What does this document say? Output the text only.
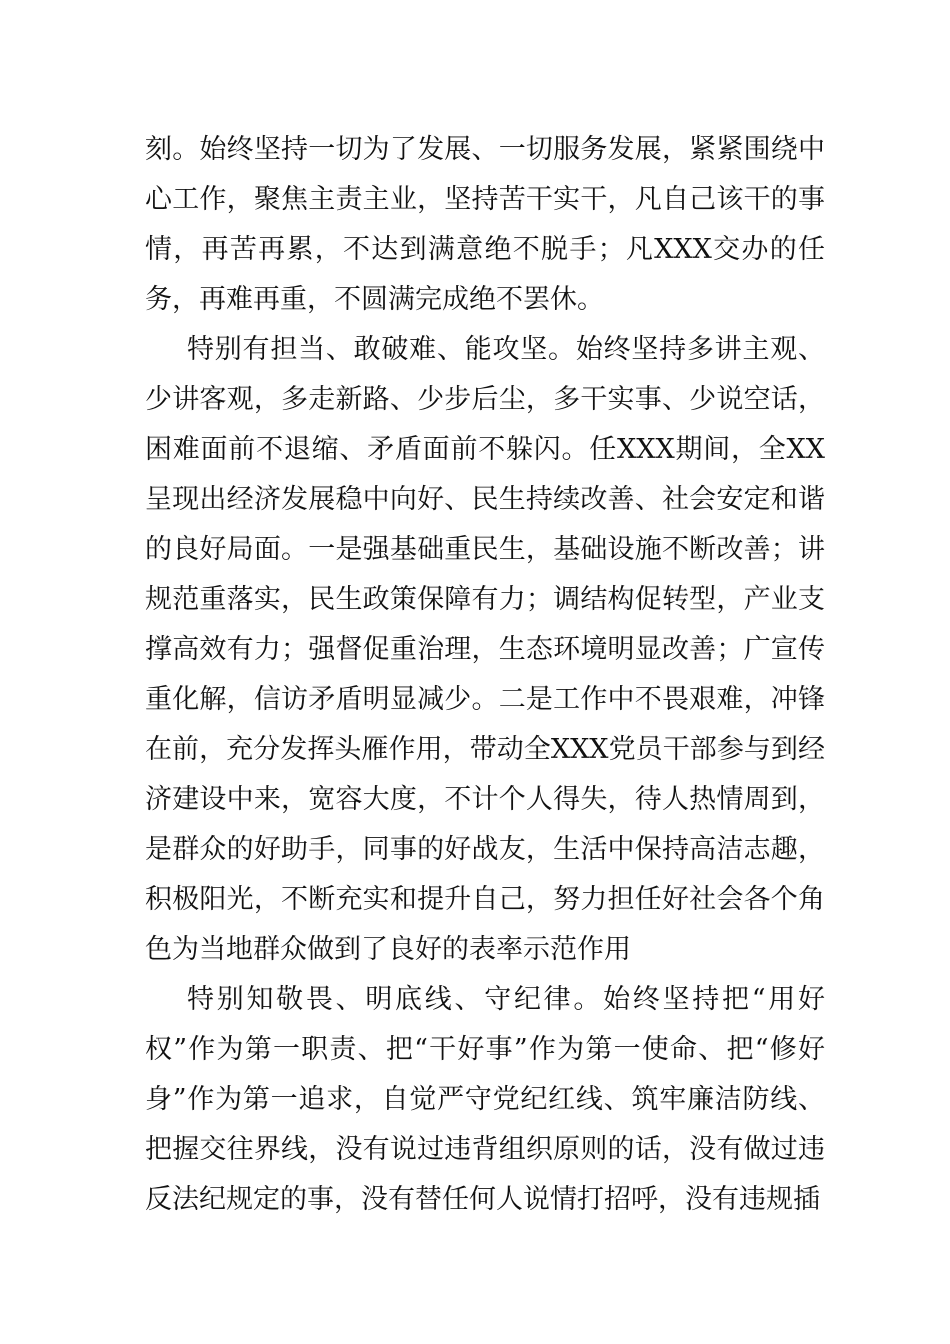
刻。始终坚持一切为了发展、一切服务发展，紧紧围绕中心工作，聚焦主责主业，坚持苦干实干，凡自己该干的事情，再苦再累，不达到满意绝不脱手；凡XXX交办的任务，再难再重，不圆满完成绝不罢休。

特别有担当、敢破难、能攻坚。始终坚持多讲主观、少讲客观，多走新路、少步后尘，多干实事、少说空话，困难面前不退缩、矛盾面前不躲闪。任XXX期间，全XX呈现出经济发展稳中向好、民生持续改善、社会安定和谐的良好局面。一是强基础重民生，基础设施不断改善；讲规范重落实，民生政策保障有力；调结构促转型，产业支撑高效有力；强督促重治理，生态环境明显改善；广宣传重化解，信访矛盾明显减少。二是工作中不畏艰难，冲锋在前，充分发挥头雁作用，带动全XXX党员干部参与到经济建设中来，宽容大度，不计个人得失，待人热情周到，是群众的好助手，同事的好战友，生活中保持高洁志趣，积极阳光，不断充实和提升自己，努力担任好社会各个角色为当地群众做到了良好的表率示范作用

特别知敬畏、明底线、守纪律。始终坚持把“用好权”作为第一职责、把“干好事”作为第一使命、把“修好身”作为第一追求，自觉严守党纪红线、筑牢廉洁防线、把握交往界线，没有说过违背组织原则的话，没有做过违反法纪规定的事，没有替任何人说情打招呼，没有违规插
